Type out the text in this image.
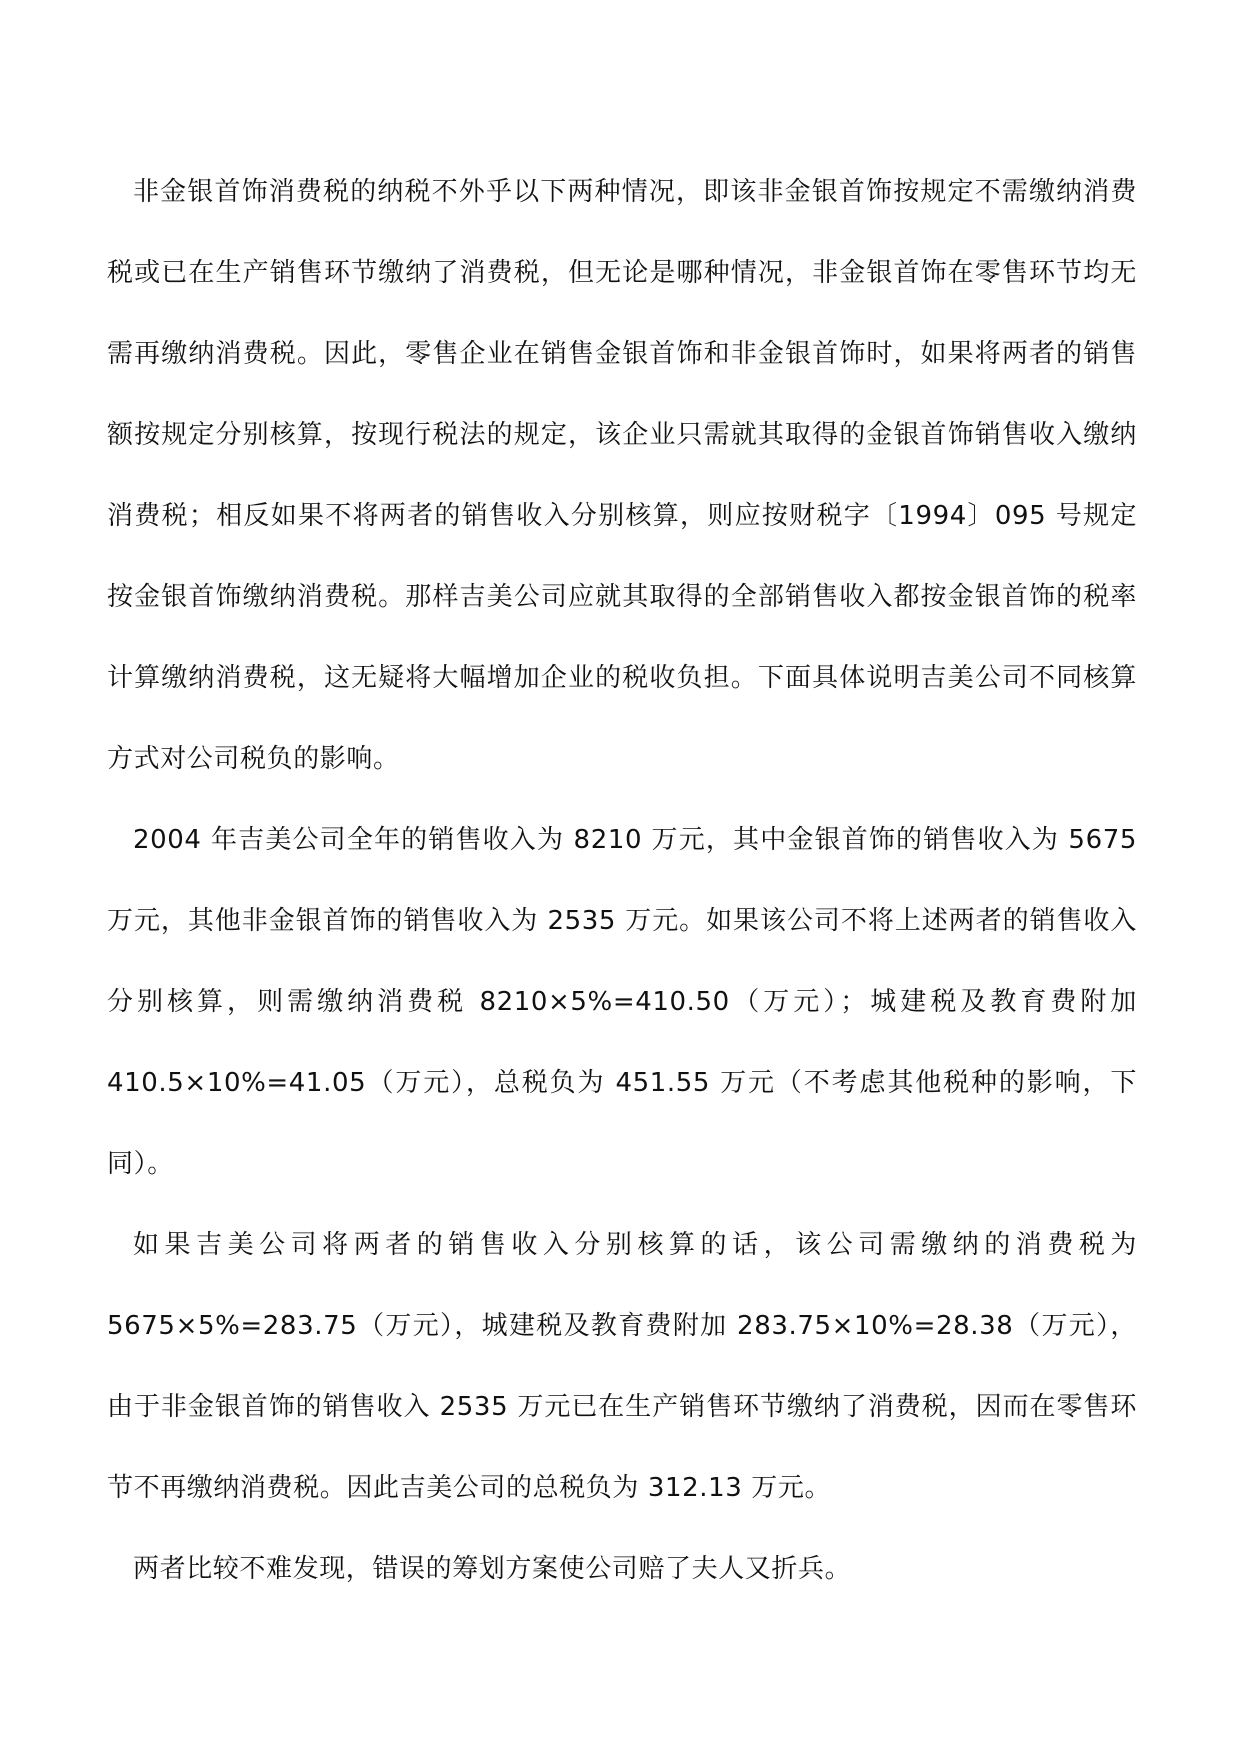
非金银首饰消费税的纳税不外乎以下两种情况，即该非金银首饰按规定不需缴纳消费税或已在生产销售环节缴纳了消费税，但无论是哪种情况，非金银首饰在零售环节均无需再缴纳消费税。因此，零售企业在销售金银首饰和非金银首饰时，如果将两者的销售额按规定分别核算，按现行税法的规定，该企业只需就其取得的金银首饰销售收入缴纳消费税；相反如果不将两者的销售收入分别核算，则应按财税字〔1994〕095 号规定按金银首饰缴纳消费税。那样吉美公司应就其取得的全部销售收入都按金银首饰的税率计算缴纳消费税，这无疑将大幅增加企业的税收负担。下面具体说明吉美公司不同核算方式对公司税负的影响。

2004 年吉美公司全年的销售收入为 8210 万元，其中金银首饰的销售收入为 5675 万元，其他非金银首饰的销售收入为 2535 万元。如果该公司不将上述两者的销售收入分别核算，则需缴纳消费税 8210×5%=410.50（万元）；城建税及教育费附加 410.5×10%=41.05（万元），总税负为 451.55 万元（不考虑其他税种的影响，下同）。

如果吉美公司将两者的销售收入分别核算的话，该公司需缴纳的消费税为 5675×5%=283.75（万元），城建税及教育费附加 283.75×10%=28.38（万元），由于非金银首饰的销售收入 2535 万元已在生产销售环节缴纳了消费税，因而在零售环节不再缴纳消费税。因此吉美公司的总税负为 312.13 万元。

两者比较不难发现，错误的筹划方案使公司赔了夫人又折兵。
